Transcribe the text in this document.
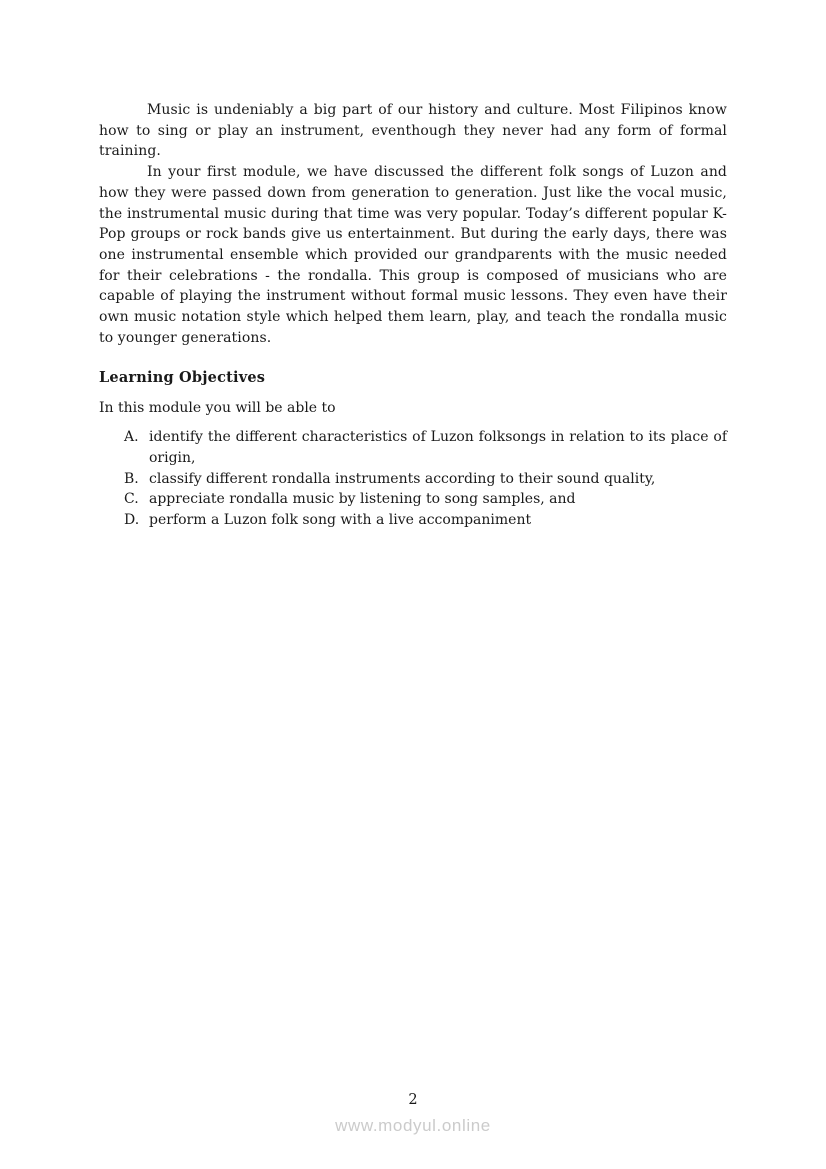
Music is undeniably a big part of our history and culture. Most Filipinos know how to sing or play an instrument, eventhough they never had any form of formal training.

In your first module, we have discussed the different folk songs of Luzon and how they were passed down from generation to generation. Just like the vocal music, the instrumental music during that time was very popular. Today’s different popular K- Pop groups or rock bands give us entertainment. But during the early days, there was one instrumental ensemble which provided our grandparents with the music needed for their celebrations - the rondalla. This group is composed of musicians who are capable of playing the instrument without formal music lessons. They even have their own music notation style which helped them learn, play, and teach the rondalla music to younger generations.

Learning Objectives

In this module you will be able to

A. identify the different characteristics of Luzon folksongs in relation to its place of origin,
B. classify different rondalla instruments according to their sound quality,
C. appreciate rondalla music by listening to song samples, and
D. perform a Luzon folk song with a live accompaniment
2
www.modyul.online
